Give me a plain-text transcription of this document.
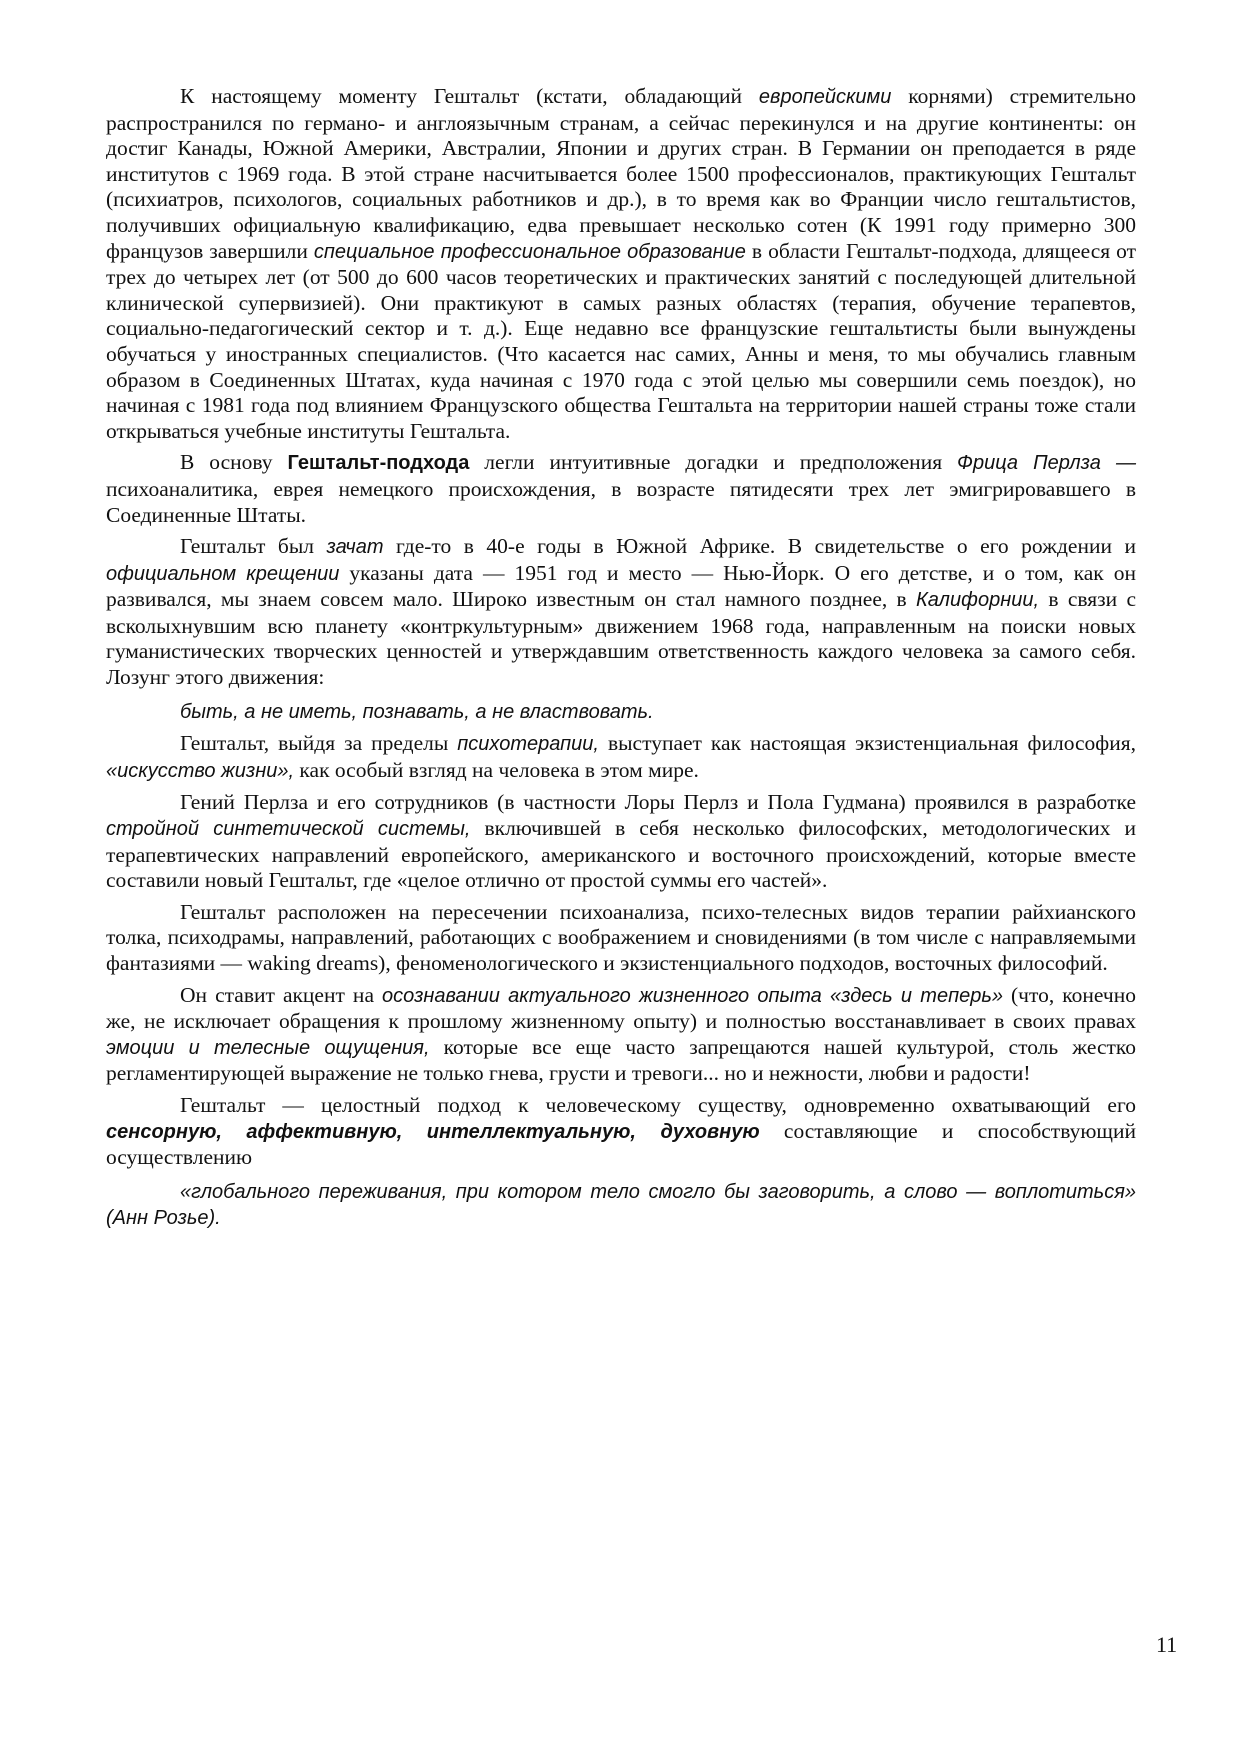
К настоящему моменту Гештальт (кстати, обладающий европейскими корнями) стремительно распространился по германо- и англоязычным странам, а сейчас перекинулся и на другие континенты: он достиг Канады, Южной Америки, Австралии, Японии и других стран. В Германии он преподается в ряде институтов с 1969 года. В этой стране насчитывается более 1500 профессионалов, практикующих Гештальт (психиатров, психологов, социальных работников и др.), в то время как во Франции число гештальтистов, получивших официальную квалификацию, едва превышает несколько сотен (К 1991 году примерно 300 французов завершили специальное профессиональное образование в области Гештальт-подхода, длящееся от трех до четырех лет (от 500 до 600 часов теоретических и практических занятий с последующей длительной клинической супервизией). Они практикуют в самых разных областях (терапия, обучение терапевтов, социально-педагогический сектор и т. д.). Еще недавно все французские гештальтисты были вынуждены обучаться у иностранных специалистов. (Что касается нас самих, Анны и меня, то мы обучались главным образом в Соединенных Штатах, куда начиная с 1970 года с этой целью мы совершили семь поездок), но начиная с 1981 года под влиянием Французского общества Гештальта на территории нашей страны тоже стали открываться учебные институты Гештальта.

В основу Гештальт-подхода легли интуитивные догадки и предположения Фрица Перлза — психоаналитика, еврея немецкого происхождения, в возрасте пятидесяти трех лет эмигрировавшего в Соединенные Штаты.

Гештальт был зачат где-то в 40-е годы в Южной Африке. В свидетельстве о его рождении и официальном крещении указаны дата — 1951 год и место — Нью-Йорк. О его детстве, и о том, как он развивался, мы знаем совсем мало. Широко известным он стал намного позднее, в Калифорнии, в связи с всколыхнувшим всю планету «контркультурным» движением 1968 года, направленным на поиски новых гуманистических творческих ценностей и утверждавшим ответственность каждого человека за самого себя. Лозунг этого движения:

быть, а не иметь, познавать, а не властвовать.

Гештальт, выйдя за пределы психотерапии, выступает как настоящая экзистенциальная философия, «искусство жизни», как особый взгляд на человека в этом мире.

Гений Перлза и его сотрудников (в частности Лоры Перлз и Пола Гудмана) проявился в разработке стройной синтетической системы, включившей в себя несколько философских, методологических и терапевтических направлений европейского, американского и восточного происхождений, которые вместе составили новый Гештальт, где «целое отлично от простой суммы его частей».

Гештальт расположен на пересечении психоанализа, психо-телесных видов терапии райхианского толка, психодрамы, направлений, работающих с воображением и сновидениями (в том числе с направляемыми фантазиями — waking dreams), феноменологического и экзистенциального подходов, восточных философий.

Он ставит акцент на осознавании актуального жизненного опыта «здесь и теперь» (что, конечно же, не исключает обращения к прошлому жизненному опыту) и полностью восстанавливает в своих правах эмоции и телесные ощущения, которые все еще часто запрещаются нашей культурой, столь жестко регламентирующей выражение не только гнева, грусти и тревоги... но и нежности, любви и радости!

Гештальт — целостный подход к человеческому существу, одновременно охватывающий его сенсорную, аффективную, интеллектуальную, духовную составляющие и способствующий осуществлению

«глобального переживания, при котором тело смогло бы заговорить, а слово — воплотиться» (Анн Розье).

11
